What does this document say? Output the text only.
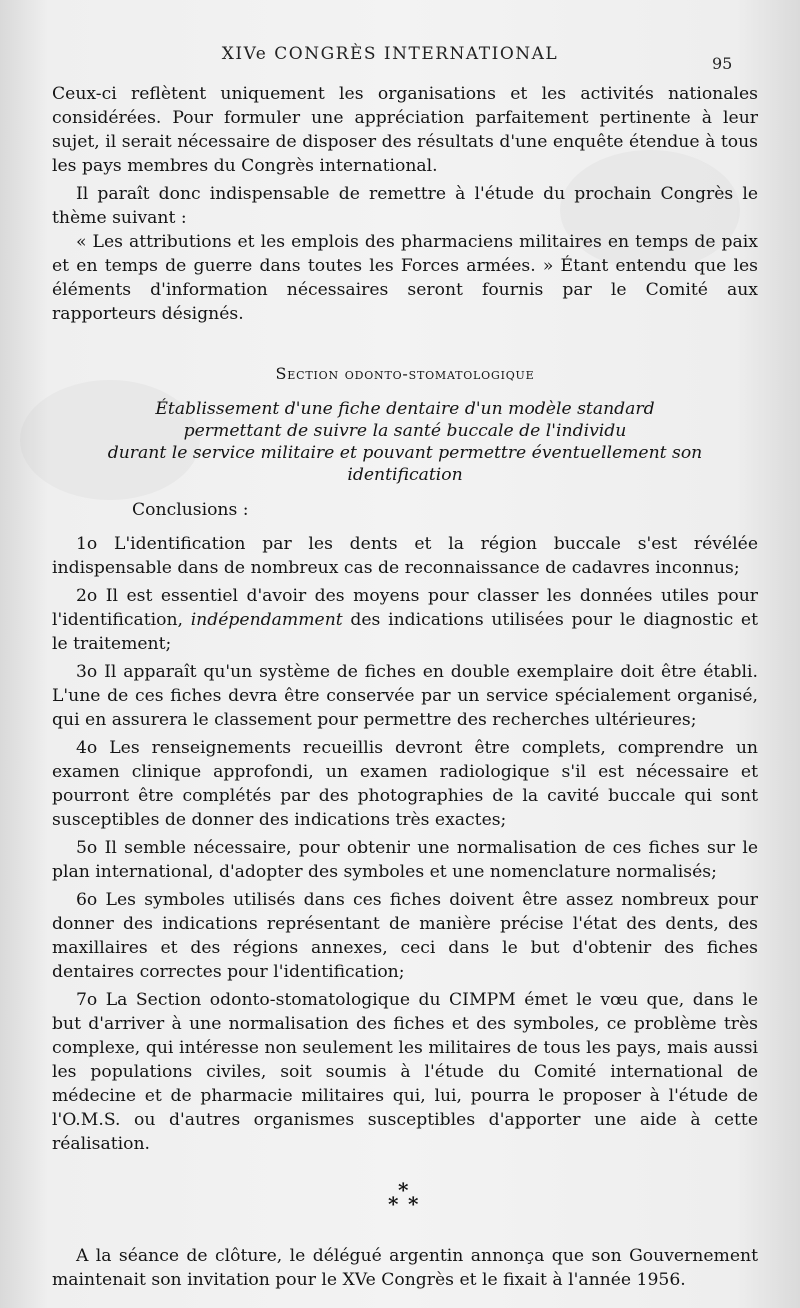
XIVe CONGRÈS INTERNATIONAL	95

Ceux-ci reflètent uniquement les organisations et les activités nationales considérées. Pour formuler une appréciation parfaitement pertinente à leur sujet, il serait nécessaire de disposer des résultats d'une enquête étendue à tous les pays membres du Congrès international.

Il paraît donc indispensable de remettre à l'étude du prochain Congrès le thème suivant :

« Les attributions et les emplois des pharmaciens militaires en temps de paix et en temps de guerre dans toutes les Forces armées. » Étant entendu que les éléments d'information nécessaires seront fournis par le Comité aux rapporteurs désignés.

Section odonto-stomatologique

Établissement d'une fiche dentaire d'un modèle standard
permettant de suivre la santé buccale de l'individu
durant le service militaire et pouvant permettre éventuellement son identification

Conclusions :

1o L'identification par les dents et la région buccale s'est révélée indispensable dans de nombreux cas de reconnaissance de cadavres inconnus;

2o Il est essentiel d'avoir des moyens pour classer les données utiles pour l'identification, indépendamment des indications utilisées pour le diagnostic et le traitement;

3o Il apparaît qu'un système de fiches en double exemplaire doit être établi. L'une de ces fiches devra être conservée par un service spécialement organisé, qui en assurera le classement pour permettre des recherches ultérieures;

4o Les renseignements recueillis devront être complets, comprendre un examen clinique approfondi, un examen radiologique s'il est nécessaire et pourront être complétés par des photographies de la cavité buccale qui sont susceptibles de donner des indications très exactes;

5o Il semble nécessaire, pour obtenir une normalisation de ces fiches sur le plan international, d'adopter des symboles et une nomenclature normalisés;

6o Les symboles utilisés dans ces fiches doivent être assez nombreux pour donner des indications représentant de manière précise l'état des dents, des maxillaires et des régions annexes, ceci dans le but d'obtenir des fiches dentaires correctes pour l'identification;

7o La Section odonto-stomatologique du CIMPM émet le vœu que, dans le but d'arriver à une normalisation des fiches et des symboles, ce problème très complexe, qui intéresse non seulement les militaires de tous les pays, mais aussi les populations civiles, soit soumis à l'étude du Comité international de médecine et de pharmacie militaires qui, lui, pourra le proposer à l'étude de l'O.M.S. ou d'autres organismes susceptibles d'apporter une aide à cette réalisation.

*
* *

A la séance de clôture, le délégué argentin annonça que son Gouvernement maintenait son invitation pour le XVe Congrès et le fixait à l'année 1956.
